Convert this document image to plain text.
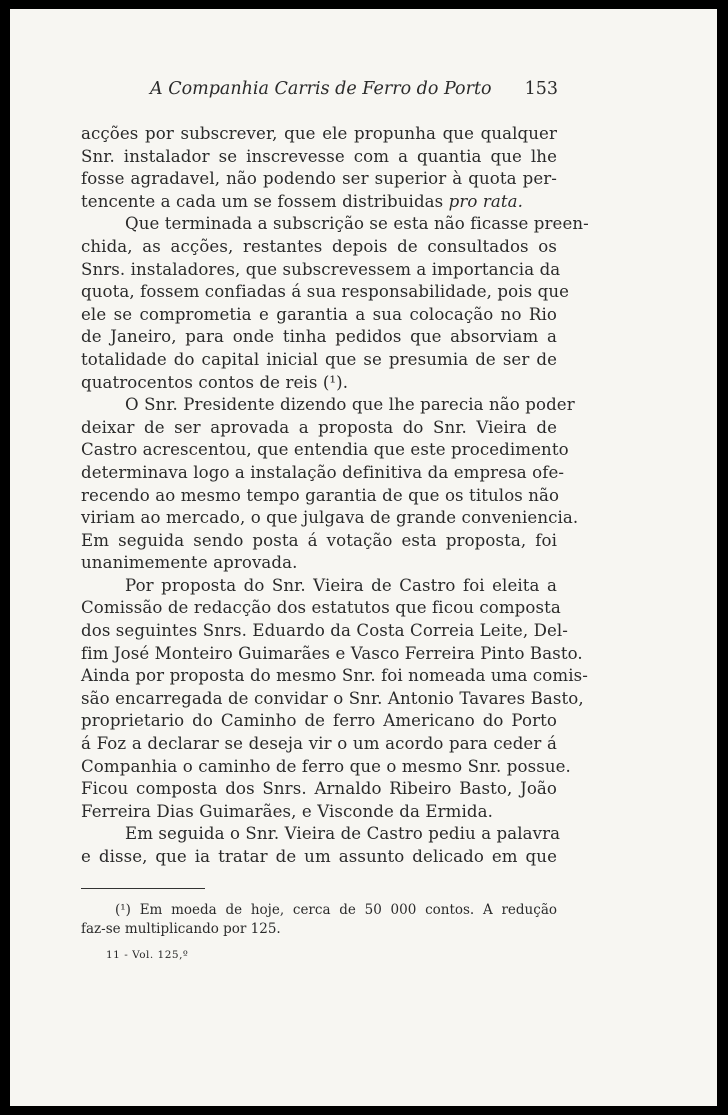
A Companhia Carris de Ferro do Porto 153
acções por subscrever, que ele propunha que qualquer
Snr. instalador se inscrevesse com a quantia que lhe
fosse agradavel, não podendo ser superior à quota per-
tencente a cada um se fossem distribuidas pro rata.
Que terminada a subscrição se esta não ficasse preen-
chida, as acções, restantes depois de consultados os
Snrs. instaladores, que subscrevessem a importancia da
quota, fossem confiadas á sua responsabilidade, pois que
ele se comprometia e garantia a sua colocação no Rio
de Janeiro, para onde tinha pedidos que absorviam a
totalidade do capital inicial que se presumia de ser de
quatrocentos contos de reis (¹).
O Snr. Presidente dizendo que lhe parecia não poder
deixar de ser aprovada a proposta do Snr. Vieira de
Castro acrescentou, que entendia que este procedimento
determinava logo a instalação definitiva da empresa ofe-
recendo ao mesmo tempo garantia de que os titulos não
viriam ao mercado, o que julgava de grande conveniencia.
Em seguida sendo posta á votação esta proposta, foi
unanimemente aprovada.
Por proposta do Snr. Vieira de Castro foi eleita a
Comissão de redacção dos estatutos que ficou composta
dos seguintes Snrs. Eduardo da Costa Correia Leite, Del-
fim José Monteiro Guimarães e Vasco Ferreira Pinto Basto.
Ainda por proposta do mesmo Snr. foi nomeada uma comis-
são encarregada de convidar o Snr. Antonio Tavares Basto,
proprietario do Caminho de ferro Americano do Porto
á Foz a declarar se deseja vir o um acordo para ceder á
Companhia o caminho de ferro que o mesmo Snr. possue.
Ficou composta dos Snrs. Arnaldo Ribeiro Basto, João
Ferreira Dias Guimarães, e Visconde da Ermida.
Em seguida o Snr. Vieira de Castro pediu a palavra
e disse, que ia tratar de um assunto delicado em que
(¹) Em moeda de hoje, cerca de 50 000 contos. A redução
faz-se multiplicando por 125.
11 - Vol. 125,º
